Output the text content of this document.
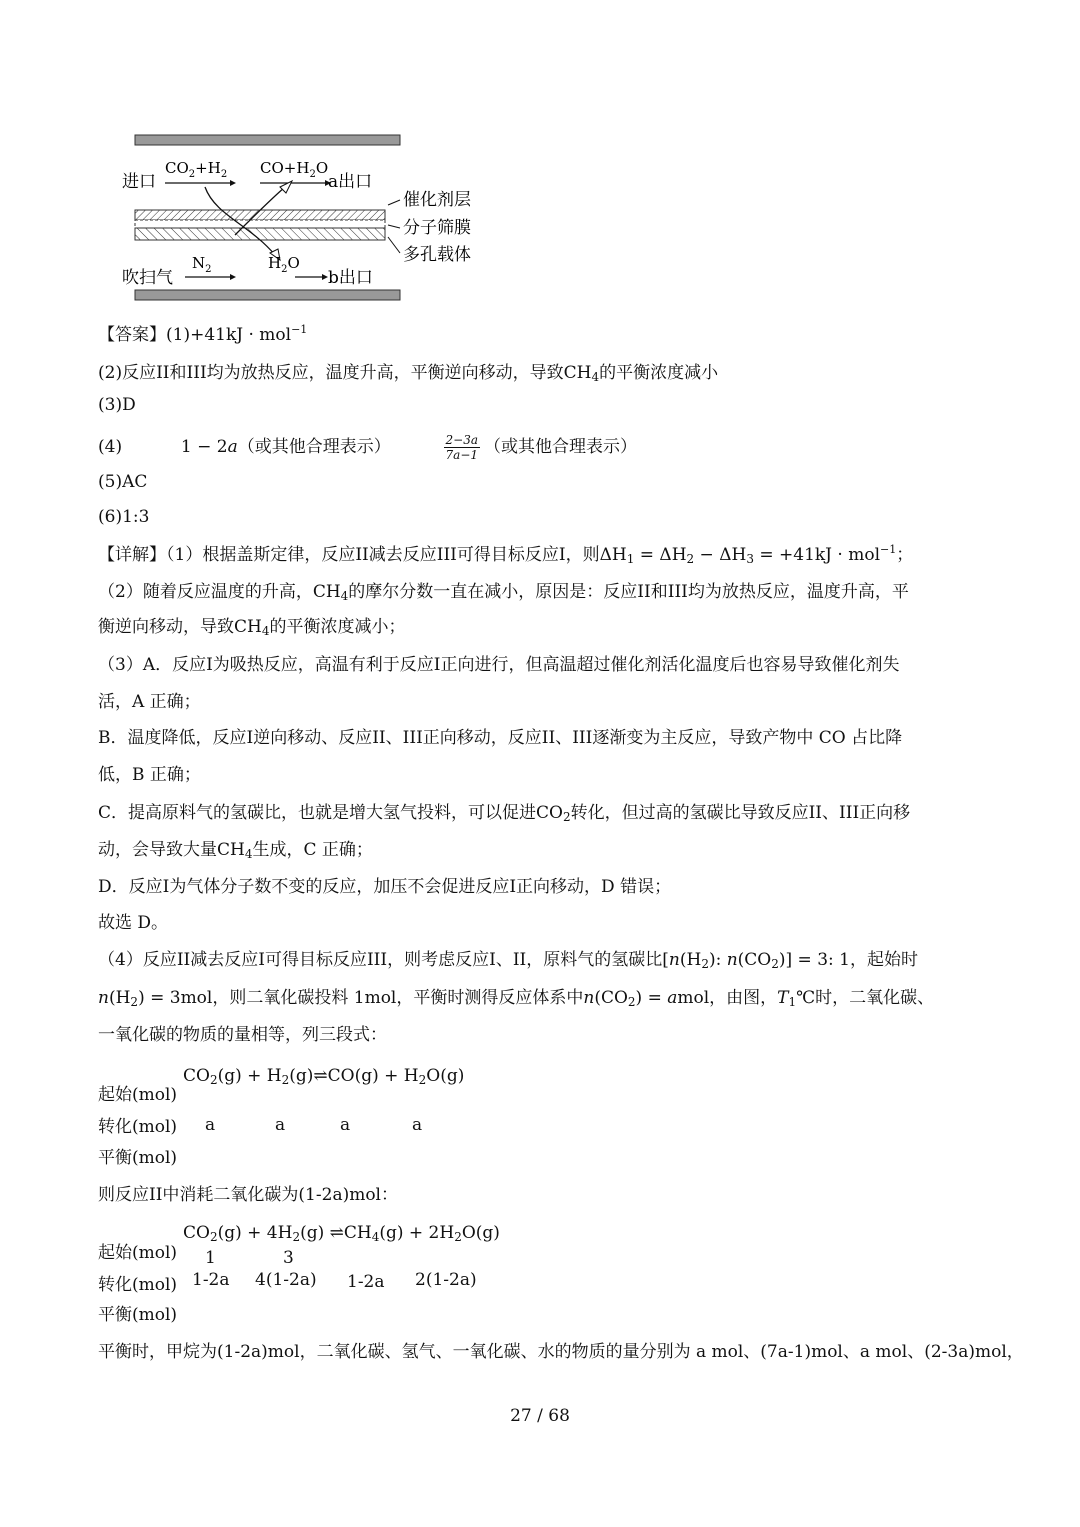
进口
$CO_2+H_2$ $CO+H_2O$
a出口
催化剂层
分子筛膜
多孔载体
吹扫气
$N_2$	$H_2O$
b出口
【答案】(1)+41kJ · mol$^{-1}$
(2)反应II和III均为放热反应，温度升高，平衡逆向移动，导致$CH_4$的平衡浓度减小
(3)D
(4)	1 − 2a（或其他合理表示）	$\frac{2-3a}{7a-1}$ （或其他合理表示）
(5)AC
(6)1:3
【详解】（1）根据盖斯定律，反应II减去反应III可得目标反应I，则$\Delta H_1 = \Delta H_2 - \Delta H_3 = +41kJ \cdot mol^{-1}$；
（2）随着反应温度的升高，$CH_4$的摩尔分数一直在减小，原因是：反应II和III均为放热反应，温度升高，平
衡逆向移动，导致$CH_4$的平衡浓度减小；
（3）A．反应I为吸热反应，高温有利于反应I正向进行，但高温超过催化剂活化温度后也容易导致催化剂失
活，A 正确；
B．温度降低，反应I逆向移动、反应II、III正向移动，反应II、III逐渐变为主反应，导致产物中 CO 占比降
低，B 正确；
C．提高原料气的氢碳比，也就是增大氢气投料，可以促进$CO_2$转化，但过高的氢碳比导致反应II、III正向移
动，会导致大量$CH_4$生成，C 正确；
D．反应I为气体分子数不变的反应，加压不会促进反应I正向移动，D 错误；
故选 D。
（4）反应II减去反应I可得目标反应III，则考虑反应I、II，原料气的氢碳比[$n(H_2)$: $n(CO_2)] = 3$: 1，起始时
$n(H_2) = 3mol$，则二氧化碳投料 1mol，平衡时测得反应体系中$n(CO_2)$ = amol，由图，$T_1℃$时，二氧化碳、
一氧化碳的物质的量相等，列三段式：
$CO_2(g)$ + $H_2(g)\rightleftharpoons CO(g) + H_2O(g)$
起始(mol)
转化(mol) a	a	a	a
平衡(mol)
则反应II中消耗二氧化碳为(1-2a)mol：
$CO_2(g) + 4H_2(g)$ $\rightleftharpoons CH_4(g) + 2H_2O(g)$
起始(mol) 1	3
转化(mol) 1-2a 4(1-2a) 1-2a 2(1-2a)
平衡(mol)
平衡时，甲烷为(1-2a)mol，二氧化碳、氢气、一氧化碳、水的物质的量分别为 a mol、(7a-1)mol、a mol、(2-3a)mol，
27 / 68
